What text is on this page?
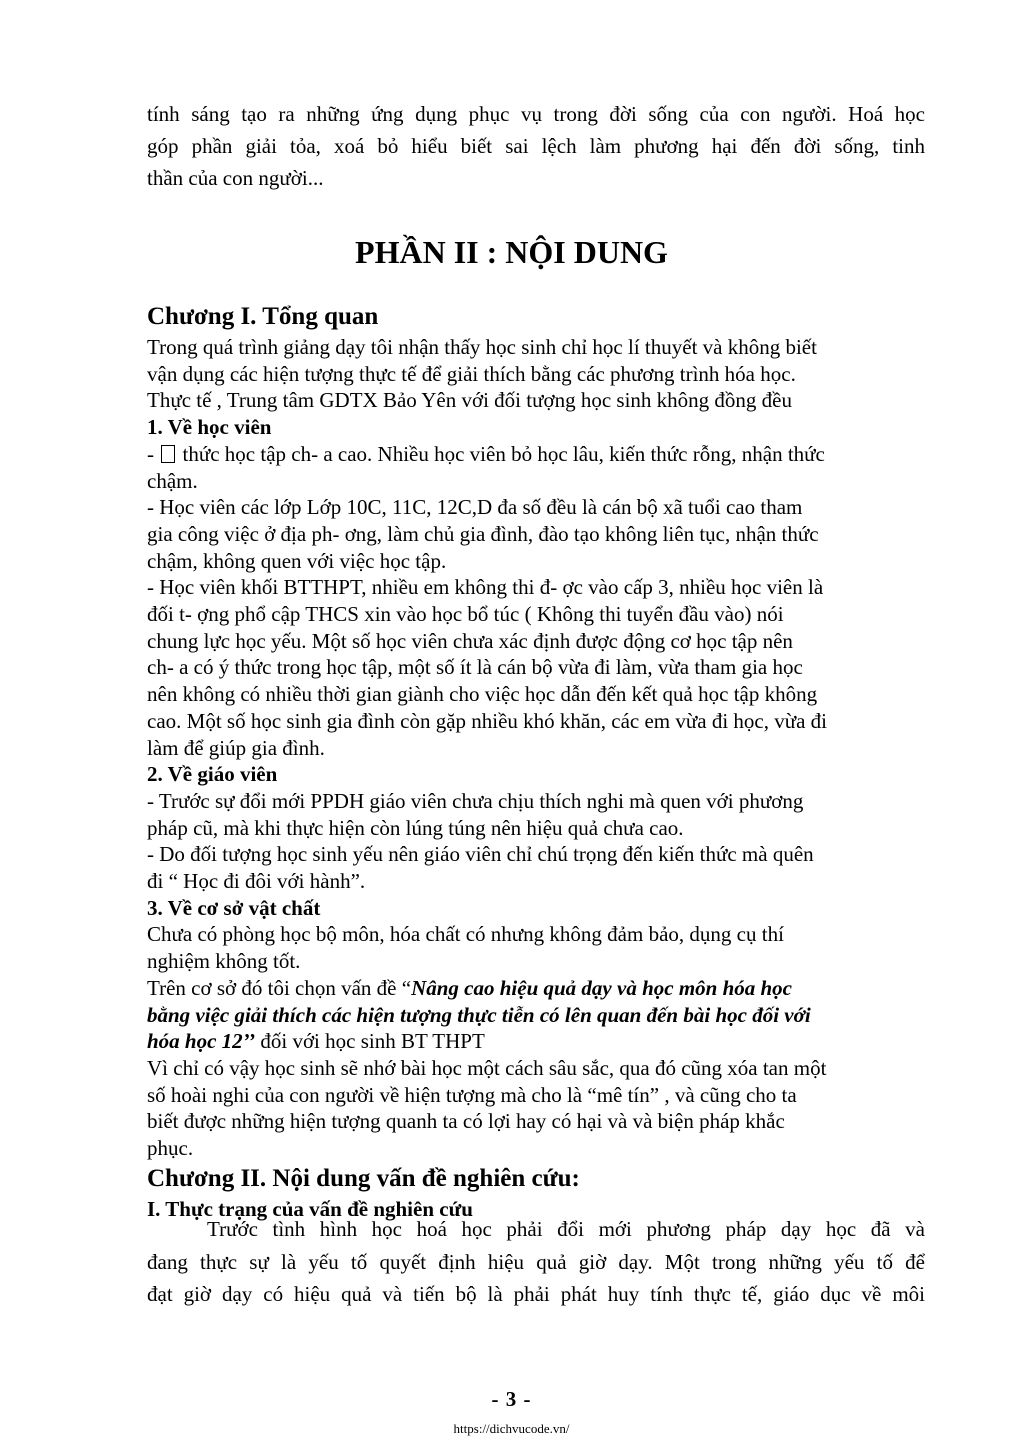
tính sáng tạo ra những ứng dụng phục vụ trong đời sống của con người. Hoá học
góp phần giải tỏa, xoá bỏ hiểu biết sai lệch làm phương hại đến đời sống, tinh
thần của con người...
PHẦN II : NỘI DUNG
Chương I. Tổng quan
Trong quá trình giảng dạy tôi nhận thấy học sinh chỉ học lí thuyết và không biết
vận dụng các hiện tượng thực tế để giải thích bằng các phương trình hóa học.
Thực tế , Trung tâm GDTX Bảo Yên với đối tượng học sinh không đồng đều
1. Về học viên
-  thức học tập ch- a cao. Nhiều học viên bỏ học lâu, kiến thức rỗng, nhận thức
chậm.
- Học viên các lớp Lớp 10C, 11C, 12C,D đa số đều là cán bộ xã tuổi cao tham
gia công việc ở địa ph- ơng, làm chủ gia đình, đào tạo không liên tục, nhận thức
chậm, không quen với việc học tập.
- Học viên khối BTTHPT, nhiều em không thi đ- ợc vào cấp 3, nhiều học viên là
đối t- ợng phổ cập THCS xin vào học bổ túc ( Không thi tuyển đầu vào) nói
chung lực học yếu. Một số học viên chưa xác định được động cơ học tập nên
ch- a có ý thức trong học tập, một số ít là cán bộ vừa đi làm, vừa tham gia học
nên không có nhiều thời gian giành cho việc học dẫn đến kết quả học tập không
cao. Một số học sinh gia đình còn gặp nhiều khó khăn, các em vừa đi học, vừa đi
làm để giúp gia đình.
2. Về giáo viên
- Trước sự đổi mới PPDH giáo viên chưa chịu thích nghi mà quen với phương
pháp cũ, mà khi thực hiện còn lúng túng nên hiệu quả chưa cao.
- Do đối tượng học sinh yếu nên giáo viên chỉ chú trọng đến kiến thức mà quên
đi “ Học đi đôi với hành”.
3. Về cơ sở vật chất
Chưa có phòng học bộ môn, hóa chất có nhưng không đảm bảo, dụng cụ thí
nghiệm không tốt.
Trên cơ sở đó tôi chọn vấn đề “Nâng cao hiệu quả dạy và học môn hóa học
bằng việc giải thích các hiện tượng thực tiễn có lên quan đến bài học đối với
hóa học 12’’ đối với học sinh BT THPT
Vì chỉ có vậy học sinh sẽ nhớ bài học một cách sâu sắc, qua đó cũng xóa tan một
số hoài nghi của con người về hiện tượng mà cho là “mê tín” , và cũng cho ta
biết được những hiện tượng quanh ta có lợi hay có hại và và biện pháp khắc
phục.
Chương II. Nội dung vấn đề nghiên cứu:
I. Thực trạng của vấn đề nghiên cứu
Trước tình hình học hoá học phải đổi mới phương pháp dạy học đã và
đang thực sự là yếu tố quyết định hiệu quả giờ dạy. Một trong những yếu tố để
đạt giờ dạy có hiệu quả và tiến bộ là phải phát huy tính thực tế, giáo dục về môi
- 3 -
https://dichvucode.vn/
